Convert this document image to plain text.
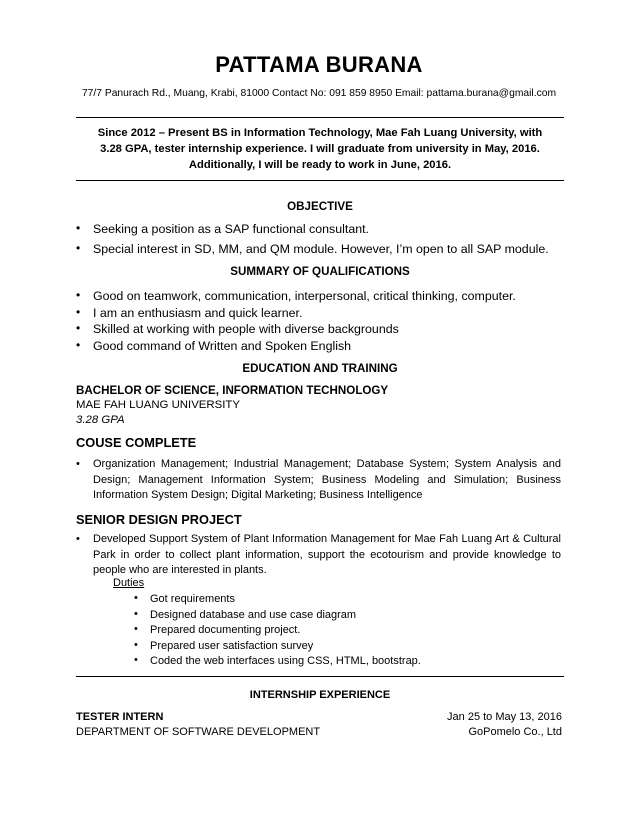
PATTAMA BURANA
77/7 Panurach Rd., Muang, Krabi, 81000 Contact No: 091 859 8950 Email: pattama.burana@gmail.com
Since 2012 – Present BS in Information Technology, Mae Fah Luang University, with
3.28 GPA, tester internship experience. I will graduate from university in May, 2016.
Additionally, I will be ready to work in June, 2016.
OBJECTIVE
• Seeking a position as a SAP functional consultant.
• Special interest in SD, MM, and QM module. However, I’m open to all SAP module.
SUMMARY OF QUALIFICATIONS
• Good on teamwork, communication, interpersonal, critical thinking, computer.
• I am an enthusiasm and quick learner.
• Skilled at working with people with diverse backgrounds
• Good command of Written and Spoken English
EDUCATION AND TRAINING
BACHELOR OF SCIENCE, INFORMATION TECHNOLOGY
MAE FAH LUANG UNIVERSITY
3.28 GPA
COUSE COMPLETE
• Organization Management; Industrial Management; Database System; System Analysis and Design; Management Information System; Business Modeling and Simulation; Business Information System Design; Digital Marketing; Business Intelligence
SENIOR DESIGN PROJECT
• Developed Support System of Plant Information Management for Mae Fah Luang Art & Cultural Park in order to collect plant information, support the ecotourism and provide knowledge to people who are interested in plants.
Duties
• Got requirements
• Designed database and use case diagram
• Prepared documenting project.
• Prepared user satisfaction survey
• Coded the web interfaces using CSS, HTML, bootstrap.
INTERNSHIP EXPERIENCE
TESTER INTERN	Jan 25 to May 13, 2016
DEPARTMENT OF SOFTWARE DEVELOPMENT	GoPomelo Co., Ltd
